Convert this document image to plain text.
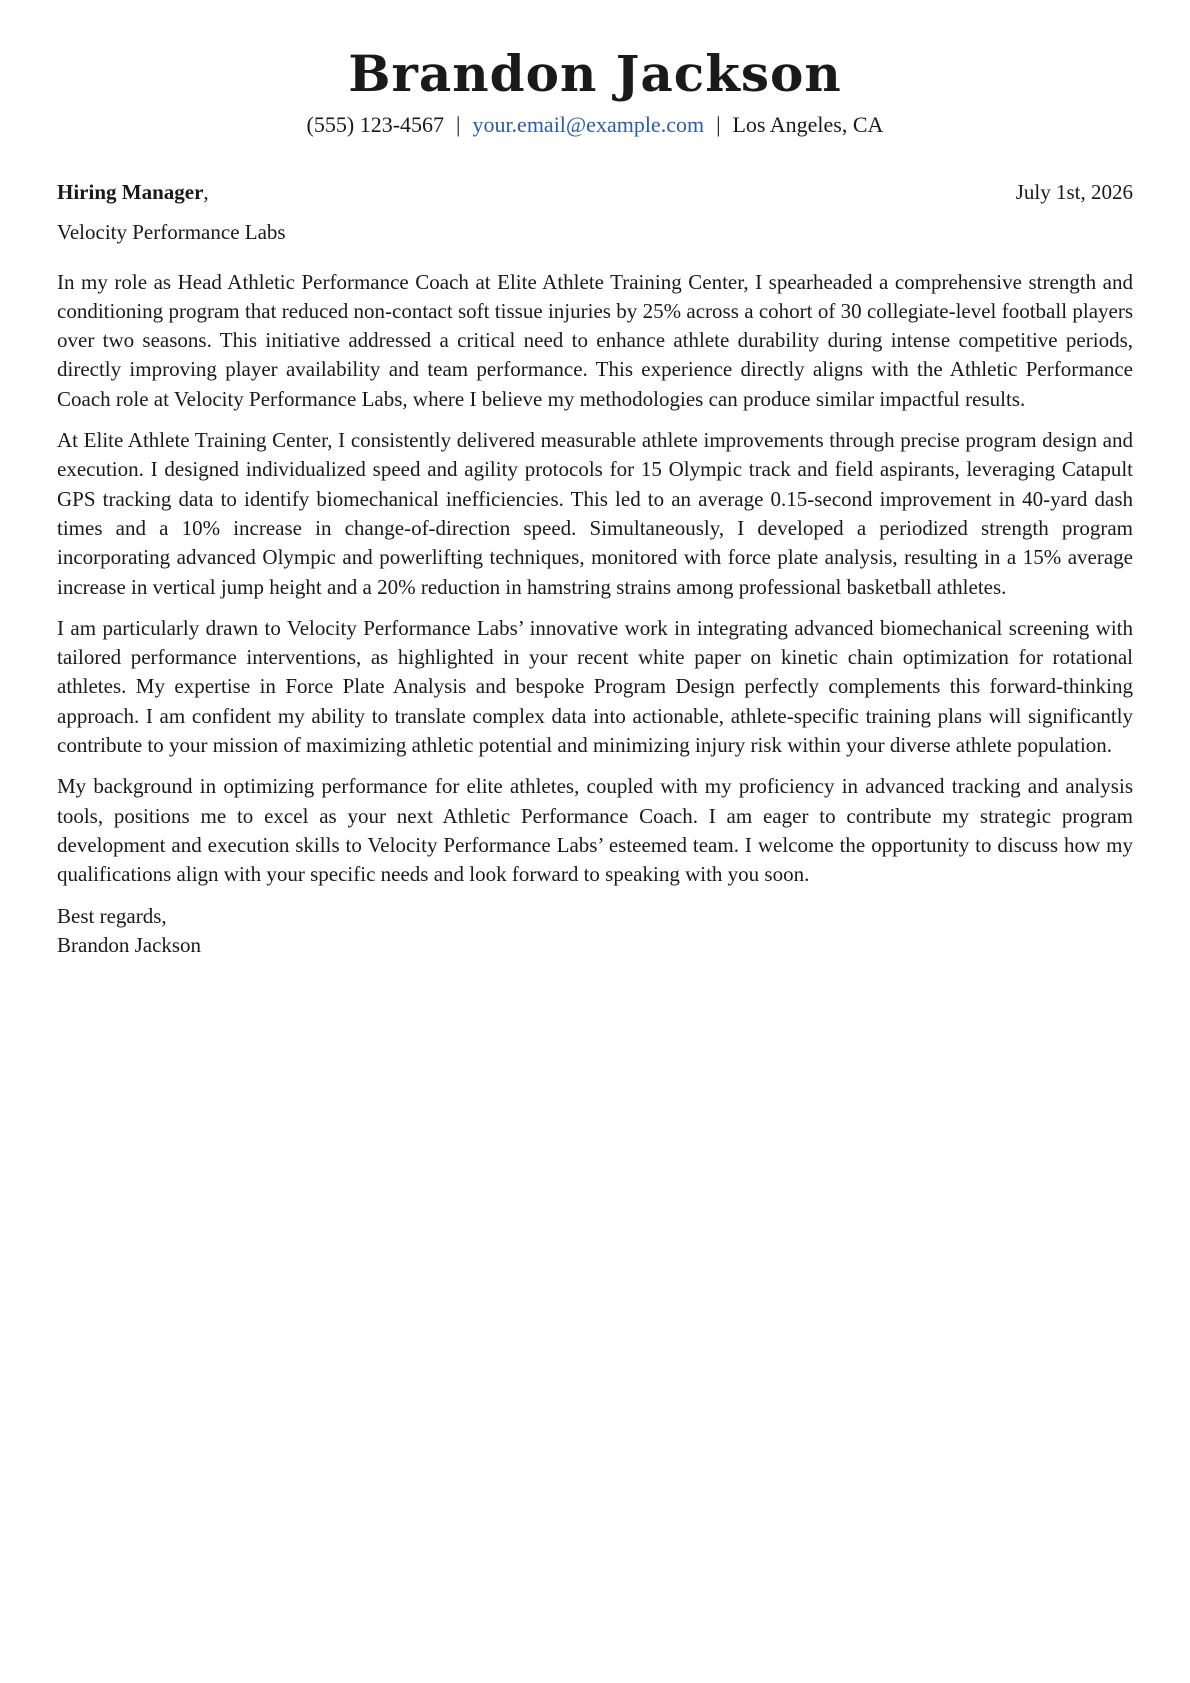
Brandon Jackson
(555) 123-4567 | your.email@example.com | Los Angeles, CA
Hiring Manager,	July 1st, 2026
Velocity Performance Labs

In my role as Head Athletic Performance Coach at Elite Athlete Training Center, I spearheaded a comprehensive strength and conditioning program that reduced non-contact soft tissue injuries by 25% across a cohort of 30 collegiate-level football players over two seasons. This initiative addressed a critical need to enhance athlete durability during intense competitive periods, directly improving player availability and team performance. This experience directly aligns with the Athletic Performance Coach role at Velocity Performance Labs, where I believe my methodologies can produce similar impactful results.

At Elite Athlete Training Center, I consistently delivered measurable athlete improvements through precise program design and execution. I designed individualized speed and agility protocols for 15 Olympic track and field aspirants, leveraging Catapult GPS tracking data to identify biomechanical inefficiencies. This led to an average 0.15-second improvement in 40-yard dash times and a 10% increase in change-of-direction speed. Simultaneously, I developed a periodized strength program incorporating advanced Olympic and powerlifting techniques, monitored with force plate analysis, resulting in a 15% average increase in vertical jump height and a 20% reduction in hamstring strains among professional basketball athletes.

I am particularly drawn to Velocity Performance Labs’ innovative work in integrating advanced biomechanical screening with tailored performance interventions, as highlighted in your recent white paper on kinetic chain optimization for rotational athletes. My expertise in Force Plate Analysis and bespoke Program Design perfectly complements this forward-thinking approach. I am confident my ability to translate complex data into actionable, athlete-specific training plans will significantly contribute to your mission of maximizing athletic potential and minimizing injury risk within your diverse athlete population.

My background in optimizing performance for elite athletes, coupled with my proficiency in advanced tracking and analysis tools, positions me to excel as your next Athletic Performance Coach. I am eager to contribute my strategic program development and execution skills to Velocity Performance Labs’ esteemed team. I welcome the opportunity to discuss how my qualifications align with your specific needs and look forward to speaking with you soon.

Best regards,
Brandon Jackson
